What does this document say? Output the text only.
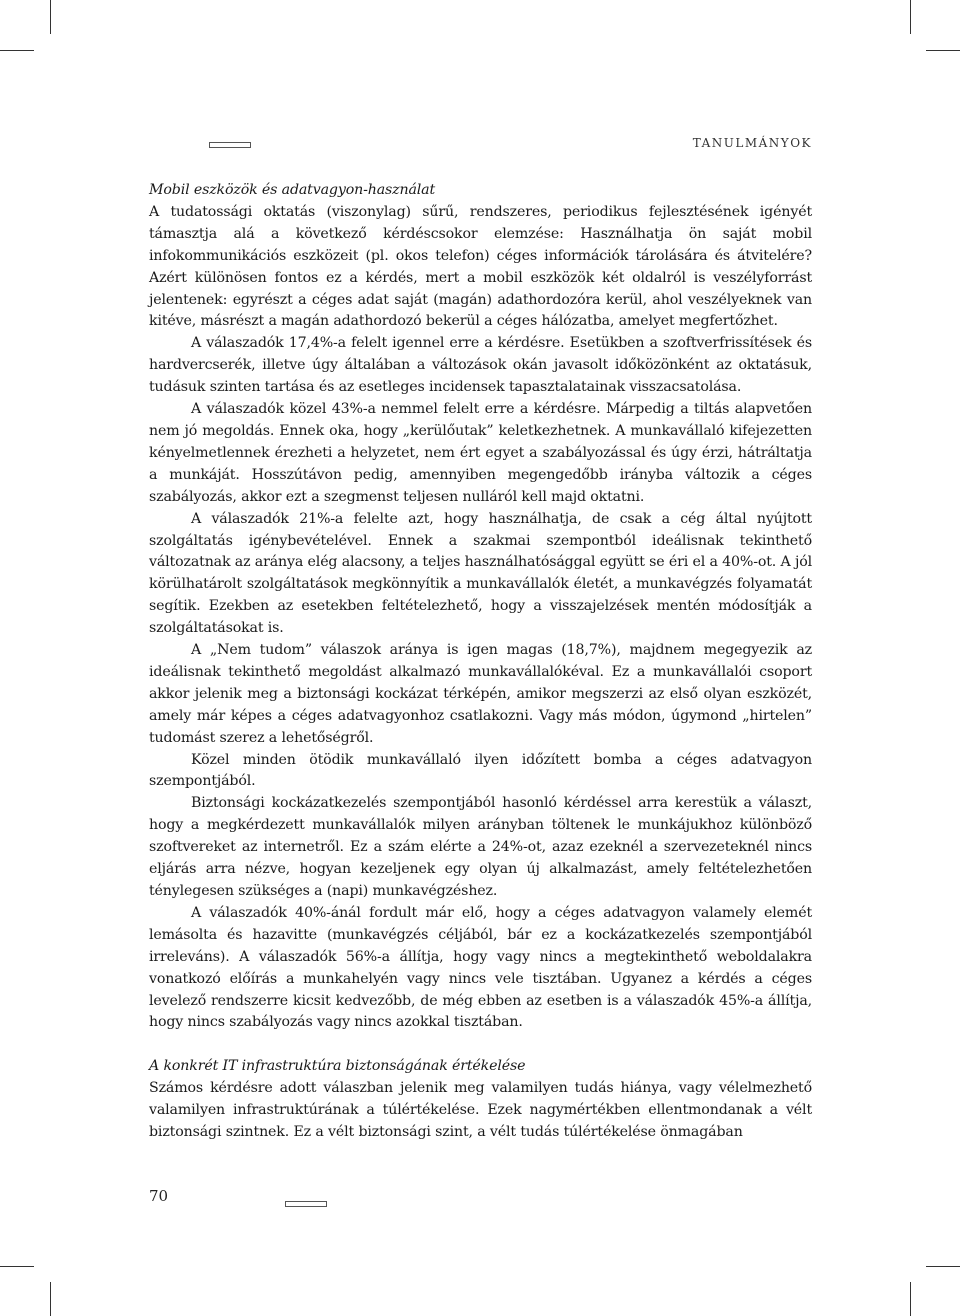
TANULMÁNYOK

Mobil eszközök és adatvagyon-használat

A tudatossági oktatás (viszonylag) sűrű, rendszeres, periodikus fejlesztésének igényét támasztja alá a következő kérdéscsokor elemzése: Használhatja ön saját mobil infokommunikációs eszközeit (pl. okos telefon) céges információk tárolására és átvitelére? Azért különösen fontos ez a kérdés, mert a mobil eszközök két oldalról is veszélyforrást jelentenek: egyrészt a céges adat saját (magán) adathordozóra kerül, ahol veszélyeknek van kitéve, másrészt a magán adathordozó bekerül a céges hálózatba, amelyet megfertőzhet.

A válaszadók 17,4%-a felelt igennel erre a kérdésre. Esetükben a szoftverfrissítések és hardvercserék, illetve úgy általában a változások okán javasolt időközönként az oktatásuk, tudásuk szinten tartása és az esetleges incidensek tapasztalatainak visszacsatolása.

A válaszadók közel 43%-a nemmel felelt erre a kérdésre. Márpedig a tiltás alapvetően nem jó megoldás. Ennek oka, hogy „kerülőutak” keletkezhetnek. A munkavállaló kifejezetten kényelmetlennek érezheti a helyzetet, nem ért egyet a szabályozással és úgy érzi, hátráltatja a munkáját. Hosszútávon pedig, amennyiben megengedőbb irányba változik a céges szabályozás, akkor ezt a szegmenst teljesen nulláról kell majd oktatni.

A válaszadók 21%-a felelte azt, hogy használhatja, de csak a cég által nyújtott szolgáltatás igénybevételével. Ennek a szakmai szempontból ideálisnak tekinthető változatnak az aránya elég alacsony, a teljes használhatósággal együtt se éri el a 40%-ot. A jól körülhatárolt szolgáltatások megkönnyítik a munkavállalók életét, a munkavégzés folyamatát segítik. Ezekben az esetekben feltételezhető, hogy a visszajelzések mentén módosítják a szolgáltatásokat is.

A „Nem tudom” válaszok aránya is igen magas (18,7%), majdnem megegyezik az ideálisnak tekinthető megoldást alkalmazó munkavállalókéval. Ez a munkavállalói csoport akkor jelenik meg a biztonsági kockázat térképén, amikor megszerzi az első olyan eszközét, amely már képes a céges adatvagyonhoz csatlakozni. Vagy más módon, úgymond „hirtelen” tudomást szerez a lehetőségről.

Közel minden ötödik munkavállaló ilyen időzített bomba a céges adatvagyon szempontjából.

Biztonsági kockázatkezelés szempontjából hasonló kérdéssel arra kerestük a választ, hogy a megkérdezett munkavállalók milyen arányban töltenek le munkájukhoz különböző szoftvereket az internetről. Ez a szám elérte a 24%-ot, azaz ezeknél a szervezeteknél nincs eljárás arra nézve, hogyan kezeljenek egy olyan új alkalmazást, amely feltételezhetően ténylegesen szükséges a (napi) munkavégzéshez.

A válaszadók 40%-ánál fordult már elő, hogy a céges adatvagyon valamely elemét lemásolta és hazavitte (munkavégzés céljából, bár ez a kockázatkezelés szempontjából irreleváns). A válaszadók 56%-a állítja, hogy vagy nincs a megtekinthető weboldalakra vonatkozó előírás a munkahelyén vagy nincs vele tisztában. Ugyanez a kérdés a céges levelező rendszerre kicsit kedvezőbb, de még ebben az esetben is a válaszadók 45%-a állítja, hogy nincs szabályozás vagy nincs azokkal tisztában.

A konkrét IT infrastruktúra biztonságának értékelése

Számos kérdésre adott válaszban jelenik meg valamilyen tudás hiánya, vagy vélelmezhető valamilyen infrastruktúrának a túlértékelése. Ezek nagymértékben ellentmondanak a vélt biztonsági szintnek. Ez a vélt biztonsági szint, a vélt tudás túlértékelése önmagában

70
